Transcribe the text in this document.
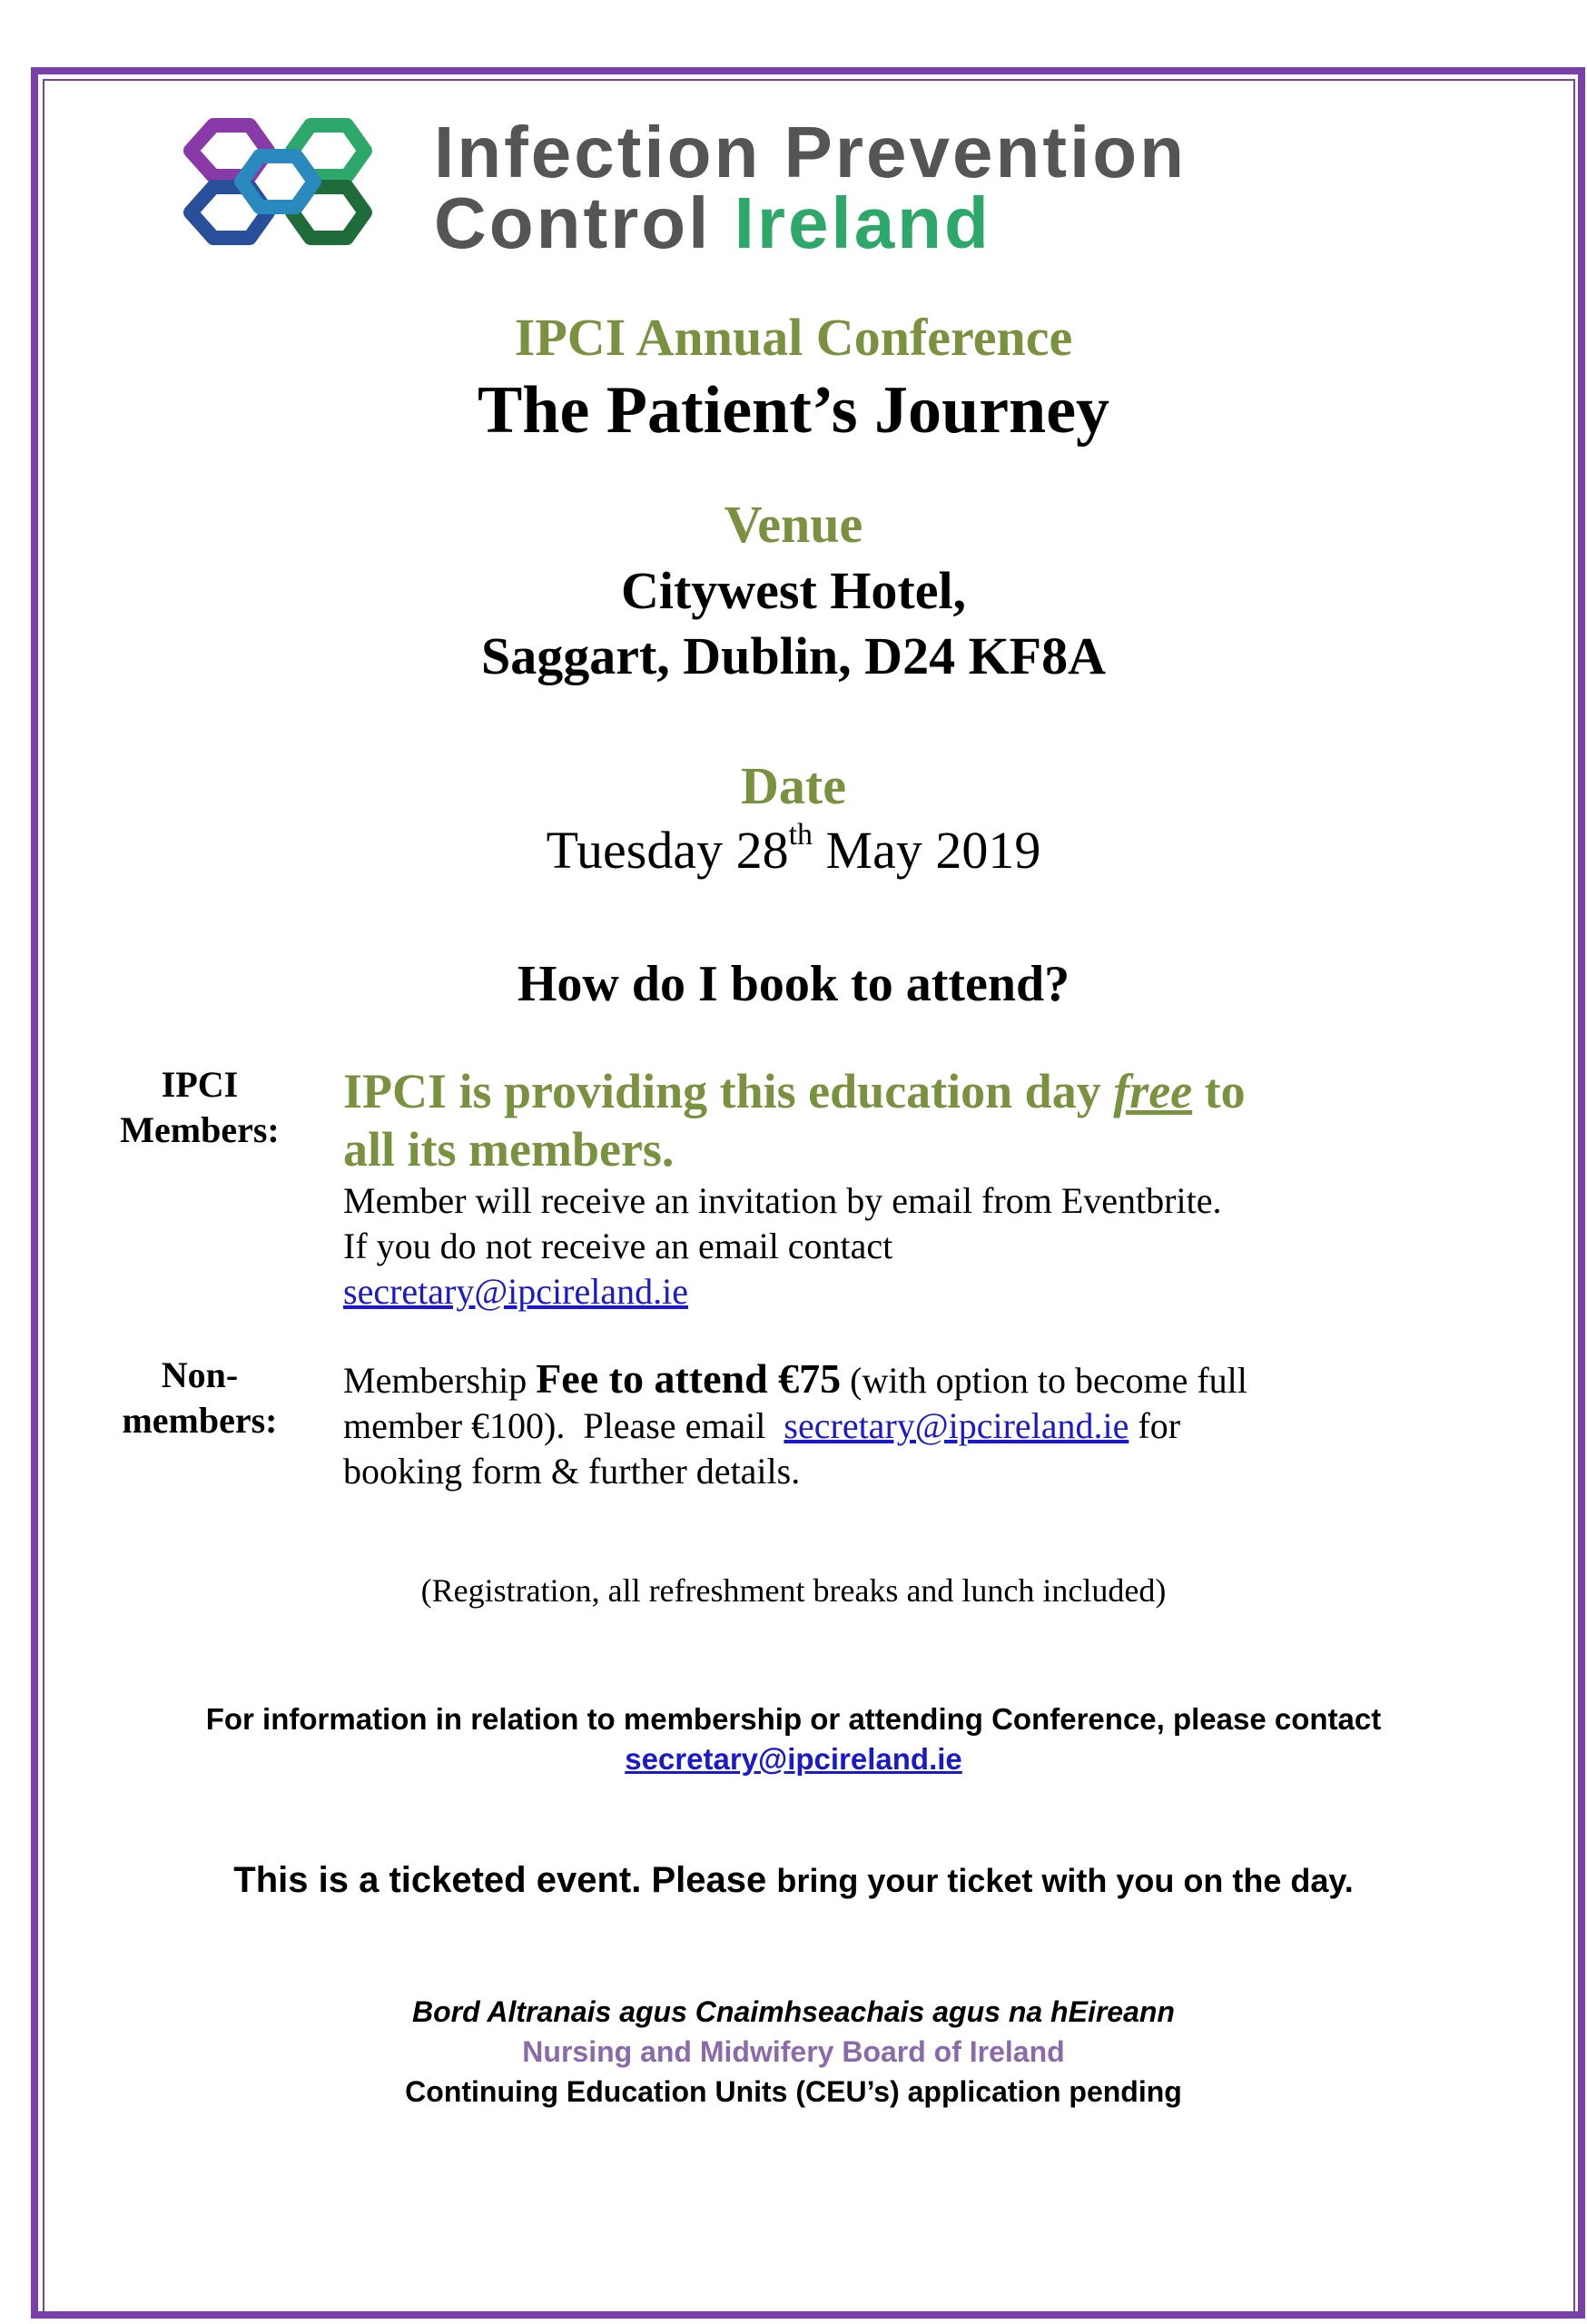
Infection Prevention
Control Ireland
IPCI Annual Conference
The Patient’s Journey
Venue
Citywest Hotel,
Saggart, Dublin, D24 KF8A
Date
Tuesday 28th May 2019
How do I book to attend?
IPCI
Members:
IPCI is providing this education day free to
all its members.
Member will receive an invitation by email from Eventbrite.
If you do not receive an email contact
secretary@ipcireland.ie
Non-
members:
Membership Fee to attend €75 (with option to become full
member €100).  Please email  secretary@ipcireland.ie for
booking form & further details.
(Registration, all refreshment breaks and lunch included)
For information in relation to membership or attending Conference, please contact
secretary@ipcireland.ie
This is a ticketed event. Please bring your ticket with you on the day.
Bord Altranais agus Cnaimhseachais agus na hEireann
Nursing and Midwifery Board of Ireland
Continuing Education Units (CEU’s) application pending
